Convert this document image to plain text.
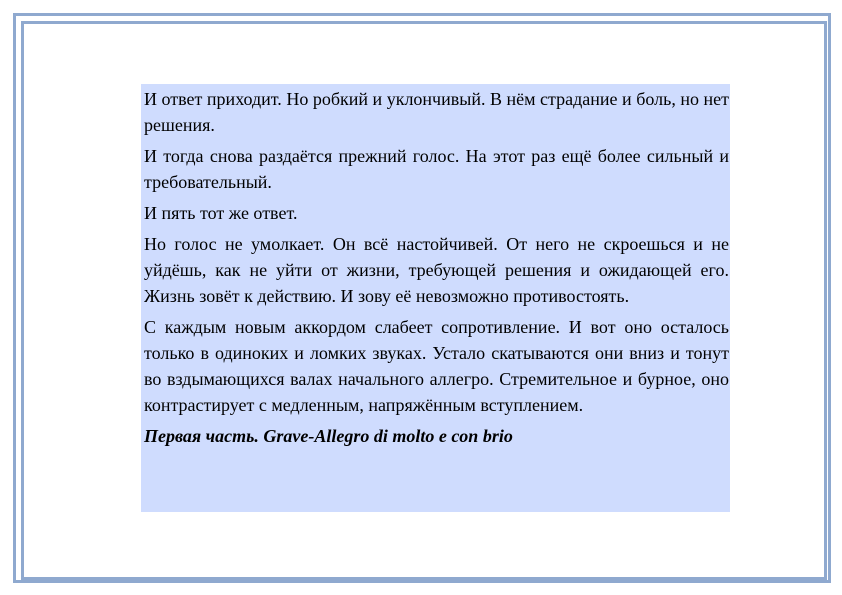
И ответ приходит. Но робкий и уклончивый. В нём страдание и боль, но нет решения.

И тогда снова раздаётся прежний голос. На этот раз ещё более сильный и требовательный.

И пять тот же ответ.

Но голос не умолкает. Он всё настойчивей. От него не скроешься и не уйдёшь, как не уйти от жизни, требующей решения и ожидающей его. Жизнь зовёт к действию. И зову её невозможно противостоять.

С каждым новым аккордом слабеет сопротивление. И вот оно осталось только в одиноких и ломких звуках. Устало скатываются они вниз и тонут во вздымающихся валах начального аллегро. Стремительное и бурное, оно контрастирует с медленным, напряжённым вступлением.

Первая часть. Grave-Allegro di molto e con brio
